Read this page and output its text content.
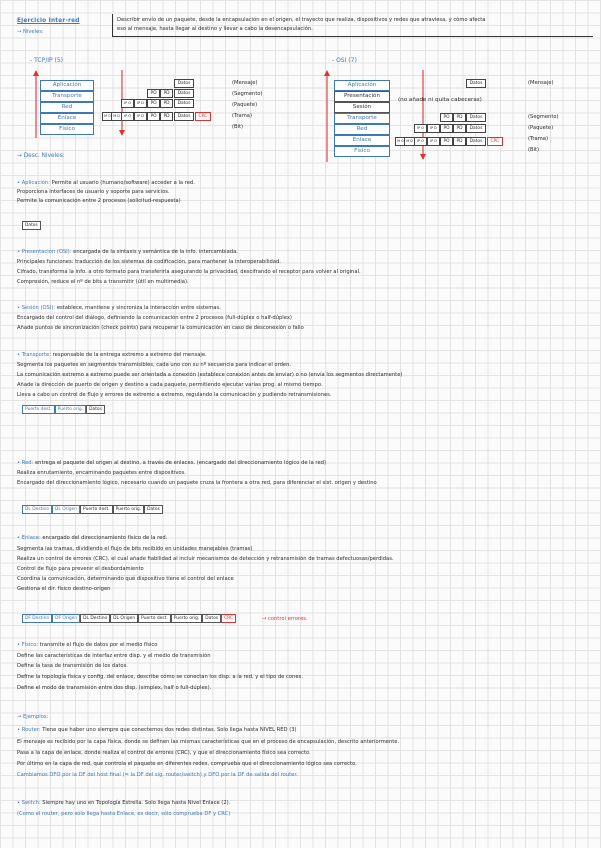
Ejercicio Inter-red
→ Niveles:
Describir envío de un paquete, desde la encapsulación en el origen, el trayecto que realiza, dispositivos y redes que atraviesa, y cómo afecta
eso al mensaje, hasta llegar al destino y llevar a cabo la desencapsulación.
- TCP/IP (5)
Aplicación
Transporte
Red
Enlace
Físico
Datos
PO	PD	Datos
IP O	IP D	PO	PD	Datos
M O M D	IP O	IP D	PO	PD	Datos	CRC
(Mensaje)
(Segmento)
(Paquete)
(Trama)
(Bit)
- OSI (7)
Aplicación
Presentación
Sesión
Transporte
Red
Enlace
Físico
(no añade ni quita cabeceras)
Datos
PO	PD	Datos
IP O	IP D	PO	PD	Datos
M O M D	IP O	IP D	PO	PD	Datos	CRC
(Mensaje)
(Segmento)
(Paquete)
(Trama)
(Bit)
→ Desc. Niveles:
• Aplicación: Permite al usuario (humano/software) acceder a la red.
Proporciona interfaces de usuario y soporte para servicios.
Permite la comunicación entre 2 procesos (solicitud-respuesta)
Datos
• Presentación (OSI): encargada de la sintaxis y semántica de la info. intercambiada.
Principales funciones: traducción de los sistemas de codificación, para mantener la interoperabilidad.
Cifrado, transforma la info. a otro formato para transferirla asegurando la privacidad, descifrando el receptor para volver al original.
Compresión, reduce el nº de bits a transmitir (útil en multimedia).
• Sesión (OSI): establece, mantiene y sincroniza la interacción entre sistemas.
Encargado del control del diálogo, definiendo la comunicación entre 2 procesos (full-dúplex o half-dúplex)
Añade puntos de sincronización (check points) para recuperar la comunicación en caso de desconexión o fallo
• Transporte: responsable de la entrega extremo a extremo del mensaje.
Segmenta los paquetes en segmentos transmisibles, cada uno con su nº secuencia para indicar el orden.
La comunicación extremo a extremo puede ser orientada a conexión (establece conexión antes de enviar) o no (envía los segmentos directamente)
Añade la dirección de puerto de origen y destino a cada paquete, permitiendo ejecutar varias prog. al mismo tiempo.
Lleva a cabo un control de flujo y errores de extremo a extremo, regulando la comunicación y pudiendo retransmisiones.
Puerto dest.	Puerto orig.	Datos
• Red: entrega el paquete del origen al destino, a través de enlaces. (encargado del direccionamiento lógico de la red)
Realiza enrutamiento, encaminando paquetes entre dispositivos.
Encargado del direccionamiento lógico, necesario cuando un paquete cruza la frontera a otra red, para diferenciar el sist. origen y destino
DL Destino	DL Origen	Puerto dest.	Puerto orig.	Datos
• Enlace: encargado del direccionamiento físico de la red.
Segmenta las tramas, dividiendo el flujo de bits recibido en unidades manejables (tramas)
Realiza un control de errores (CRC), el cual añade fiabilidad al incluir mecanismos de detección y retransmisión de tramas defectuosas/perdidas.
Control de flujo para prevenir el desbordamiento
Coordina la comunicación, determinando qué dispositivo tiene el control del enlace
Gestiona el dir. físico destino-origen
DF Destino	DF Origen	DL Destino	DL Origen	Puerto dest.	Puerto orig.	Datos	CRC	→ control errores.
• Físico: transmite el flujo de datos por el medio físico
Define las características de interfaz entre disp. y el medio de transmisión
Define la tasa de transmisión de los datos.
Define la topología física y config. del enlace, describe cómo se conectan los disp. a la red, y el tipo de conex.
Define el modo de transmisión entre dos disp. (simplex, half o full-dúplex).
→ Ejemplos:
• Router: Tiene que haber uno siempre que conectemos dos redes distintas. Solo llega hasta NIVEL RED (3)
El mensaje es recibido por la capa física, donde se definen las mismas características que en el proceso de encapsulación, descrito anteriormente.
Pasa a la capa de enlace, donde realiza el control de errores (CRC), y que el direccionamiento físico sea correcto.
Por último en la capa de red, que controla el paquete en diferentes redes, comprueba que el direccionamiento lógico sea correcto.
Cambiamos DFO por la DF del host final (= la DF del sig. router/switch) y DFO por la DF de salida del router.
• Switch: Siempre hay uno en Topología Estrella. Solo llega hasta Nivel Enlace (2).
(Como el router, pero sólo llega hasta Enlace, es decir, sólo comprueba DF y CRC)
